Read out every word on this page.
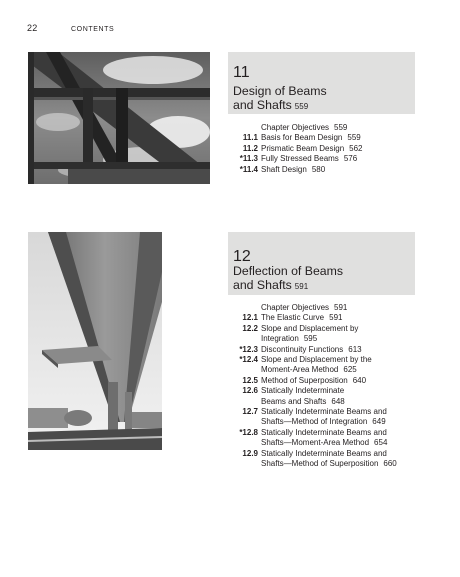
22	CONTENTS
11
Design of Beams
and Shafts 559
Chapter Objectives 559
11.1 Basis for Beam Design 559
11.2 Prismatic Beam Design 562
*11.3 Fully Stressed Beams 576
*11.4 Shaft Design 580
12
Deflection of Beams
and Shafts 591
Chapter Objectives 591
12.1 The Elastic Curve 591
12.2 Slope and Displacement by
Integration 595
*12.3 Discontinuity Functions 613
*12.4 Slope and Displacement by the
Moment-Area Method 625
12.5 Method of Superposition 640
12.6 Statically Indeterminate
Beams and Shafts 648
12.7 Statically Indeterminate Beams and
Shafts—Method of Integration 649
*12.8 Statically Indeterminate Beams and
Shafts—Moment-Area Method 654
12.9 Statically Indeterminate Beams and
Shafts—Method of Superposition 660
